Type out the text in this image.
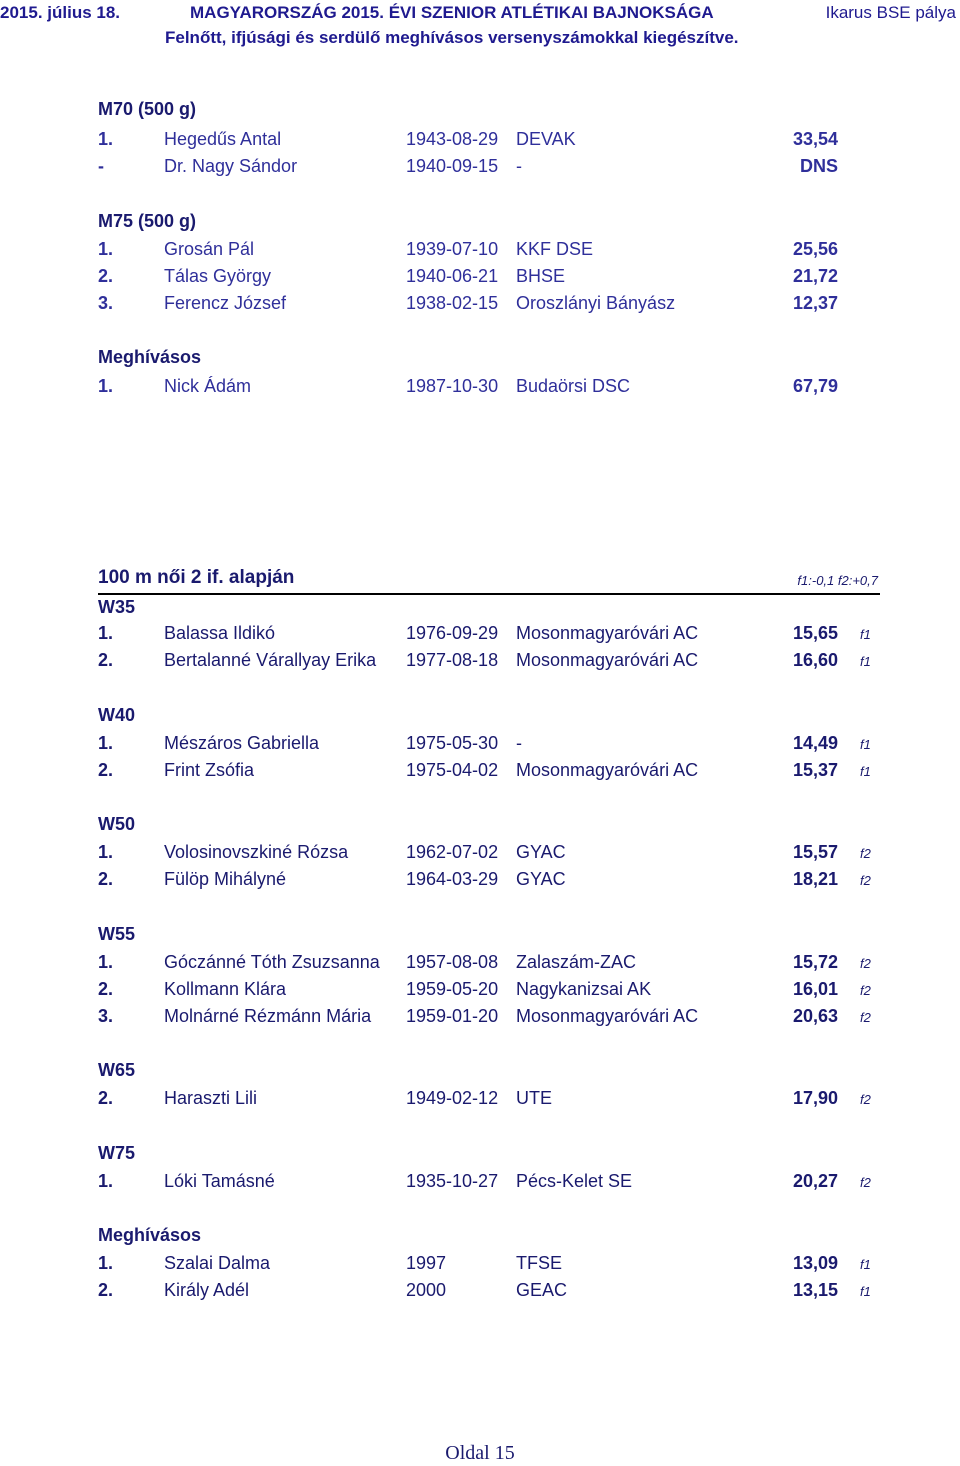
2015. július 18.	MAGYARORSZÁG 2015. ÉVI SZENIOR ATLÉTIKAI BAJNOKSÁGA	Ikarus BSE pálya
Felnőtt, ifjúsági és serdülő meghívásos versenyszámokkal kiegészítve.
M70 (500 g)
1.	Hegedűs Antal	1943-08-29 DEVAK	33,54
-	Dr. Nagy Sándor	1940-09-15 -	DNS
M75 (500 g)
1.	Grosán Pál	1939-07-10 KKF DSE	25,56
2.	Tálas György	1940-06-21 BHSE	21,72
3.	Ferencz József	1938-02-15 Oroszlányi Bányász	12,37
Meghívásos
1.	Nick Ádám	1987-10-30 Budaörsi DSC	67,79
100 m női 2 if. alapján	f1:-0,1 f2:+0,7
W35
1.	Balassa Ildikó	1976-09-29 Mosonmagyaróvári AC	15,65 f1
2.	Bertalanné Várallyay Erika 1977-08-18 Mosonmagyaróvári AC	16,60 f1
W40
1.	Mészáros Gabriella	1975-05-30 -	14,49 f1
2.	Frint Zsófia	1975-04-02 Mosonmagyaróvári AC	15,37 f1
W50
1.	Volosinovszkiné Rózsa	1962-07-02 GYAC	15,57 f2
2.	Fülöp Mihályné	1964-03-29 GYAC	18,21 f2
W55
1.	Góczánné Tóth Zsuzsanna 1957-08-08 Zalaszám-ZAC	15,72 f2
2.	Kollmann Klára	1959-05-20 Nagykanizsai AK	16,01 f2
3.	Molnárné Rézmánn Mária 1959-01-20 Mosonmagyaróvári AC	20,63 f2
W65
2.	Haraszti Lili	1949-02-12 UTE	17,90 f2
W75
1.	Lóki Tamásné	1935-10-27 Pécs-Kelet SE	20,27 f2
Meghívásos
1.	Szalai Dalma	1997	TFSE	13,09 f1
2.	Király Adél	2000	GEAC	13,15 f1
Oldal 15
